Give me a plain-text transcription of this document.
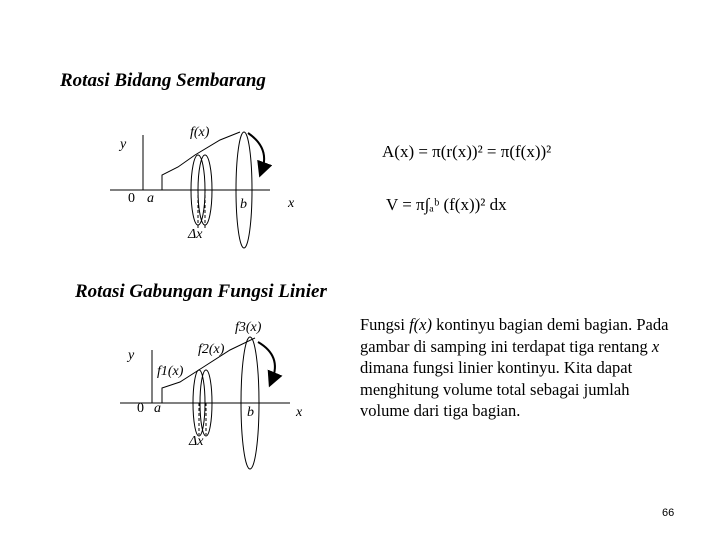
Rotasi Bidang Sembarang
Rotasi Gabungan Fungsi Linier
y
f(x)
0 a	b	x
Δx
y
f1(x)
f2(x)
f3(x)
0 a	b	x
Δx
A(x) = π(r(x))² = π(f(x))²
V = π∫ₐᵇ (f(x))² dx
Fungsi f(x) kontinyu bagian demi bagian. Pada gambar di samping ini terdapat tiga rentang x dimana fungsi linier kontinyu. Kita dapat menghitung volume total sebagai jumlah volume dari tiga bagian.
66
